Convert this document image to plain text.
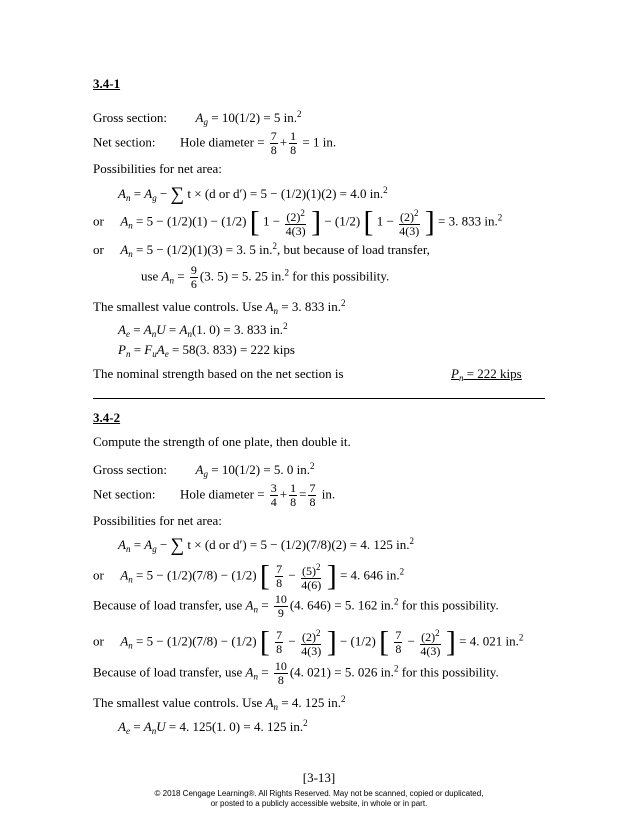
3.4-1
Gross section: $A_g = 10(1/2) = 5$ in.$^2$
Net section: Hole diameter = $\frac{7}{8} + \frac{1}{8} = 1$ in.
Possibilities for net area:
$A_n = A_g$ − ∑ t × (d or d′) = 5 − (1/2)(1)(2) = 4.0 in.$^2$
or $A_n = 5 - (1/2)(1) - (1/2)$ [ $1 - \frac{(2)^2}{4(3)}$ ] − (1/2) [ $1 - \frac{(2)^2}{4(3)}$ ] = 3. 833 in.$^2$
or $A_n = 5 - (1/2)(1)(3) = 3$. 5 in.$^2$, but because of load transfer,
use $A_n = \frac{9}{6} (3$. 5) = 5. 25 in.$^2$ for this possibility.
The smallest value controls. Use $A_n = 3$. 833 in.$^2$
$A_e = A_nU = A_n(1$. 0) = 3. 833 in.$^2$
$P_n = F_uA_e = 58(3$. 833) = 222 kips
The nominal strength based on the net section is	$P_n = 222$ kips
3.4-2
Compute the strength of one plate, then double it.
Gross section: $A_g = 10(1/2) = 5$. 0 in.$^2$
Net section: Hole diameter = $\frac{3}{4} + \frac{1}{8} = \frac{7}{8}$ in.
Possibilities for net area:
$A_n = A_g$ − ∑ t × (d or d′) = 5 − (1/2)(7/8)(2) = 4. 125 in.$^2$
or $A_n = 5 - (1/2)(7/8) - (1/2)$ [ $\frac{7}{8} - \frac{(5)^2}{4(6)}$ ] = 4. 646 in.$^2$
Because of load transfer, use $A_n = \frac{10}{9} (4$. 646) = 5. 162 in.$^2$ for this possibility.
or $A_n = 5 - (1/2)(7/8) - (1/2)$ [ $\frac{7}{8} - \frac{(2)^2}{4(3)}$ ] − (1/2) [ $\frac{7}{8} - \frac{(2)^2}{4(3)}$ ] = 4. 021 in.$^2$
Because of load transfer, use $A_n = \frac{10}{8} (4$. 021) = 5. 026 in.$^2$ for this possibility.
The smallest value controls. Use $A_n = 4$. 125 in.$^2$
$A_e = A_nU = 4$. 125(1. 0) = 4. 125 in.$^2$
[3-13]
© 2018 Cengage Learning®. All Rights Reserved. May not be scanned, copied or duplicated,
or posted to a publicly accessible website, in whole or in part.
